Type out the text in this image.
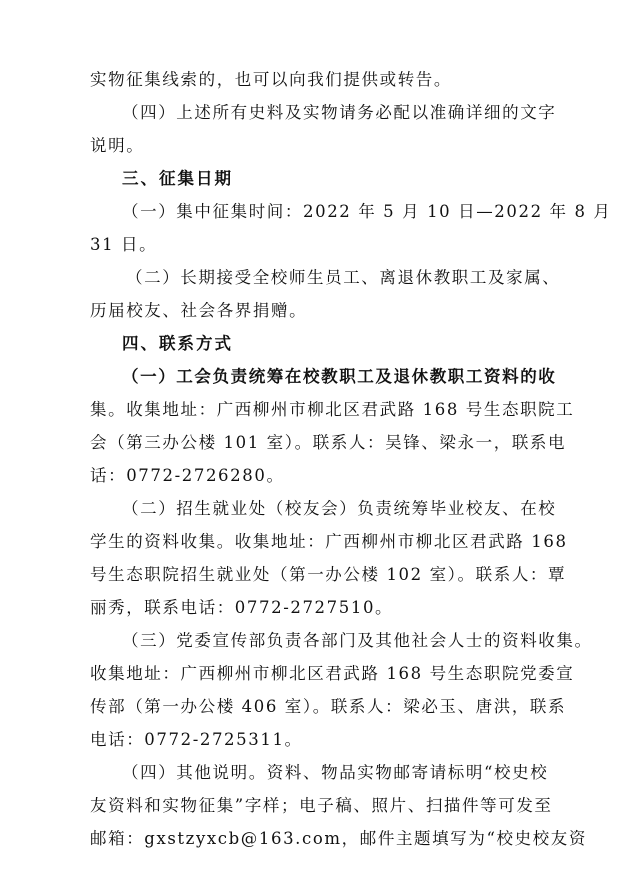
实物征集线索的，也可以向我们提供或转告。
（四）上述所有史料及实物请务必配以准确详细的文字
说明。
三、征集日期
（一）集中征集时间：2022 年 5 月 10 日—2022 年 8 月
31 日。
（二）长期接受全校师生员工、离退休教职工及家属、
历届校友、社会各界捐赠。
四、联系方式
（一）工会负责统筹在校教职工及退休教职工资料的收
集。收集地址：广西柳州市柳北区君武路 168 号生态职院工
会（第三办公楼 101 室）。联系人：吴锋、梁永一，联系电
话：0772-2726280。
（二）招生就业处（校友会）负责统筹毕业校友、在校
学生的资料收集。收集地址：广西柳州市柳北区君武路 168
号生态职院招生就业处（第一办公楼 102 室）。联系人：覃
丽秀，联系电话：0772-2727510。
（三）党委宣传部负责各部门及其他社会人士的资料收集。
收集地址：广西柳州市柳北区君武路 168 号生态职院党委宣
传部（第一办公楼 406 室）。联系人：梁必玉、唐洪，联系
电话：0772-2725311。
（四）其他说明。资料、物品实物邮寄请标明“校史校
友资料和实物征集”字样；电子稿、照片、扫描件等可发至
邮箱：gxstzyxcb@163.com，邮件主题填写为“校史校友资
